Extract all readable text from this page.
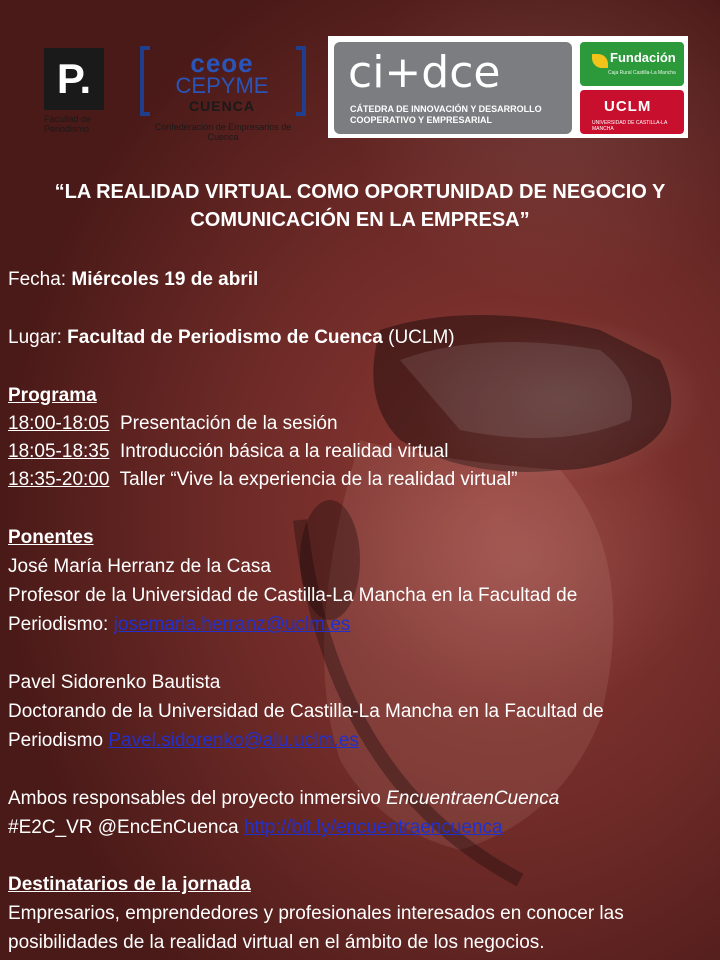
P.
Facultad de
Periodismo
ceoe
CEPYME
CUENCA
Confederación de Empresarios de Cuenca
ci+dce
CÁTEDRA DE INNOVACIÓN Y DESARROLLO
COOPERATIVO Y EMPRESARIAL
Fundación
Caja Rural Castilla-La Mancha
UCLM
UNIVERSIDAD DE CASTILLA-LA MANCHA
“LA REALIDAD VIRTUAL COMO OPORTUNIDAD DE NEGOCIO Y
COMUNICACIÓN EN LA EMPRESA”
Fecha: Miércoles 19 de abril
Lugar: Facultad de Periodismo de Cuenca (UCLM)
Programa
18:00-18:05  Presentación de la sesión
18:05-18:35  Introducción básica a la realidad virtual
18:35-20:00  Taller “Vive la experiencia de la realidad virtual”
Ponentes
José María Herranz de la Casa
Profesor de la Universidad de Castilla-La Mancha en la Facultad de
Periodismo: josemaria.herranz@uclm.es
Pavel Sidorenko Bautista
Doctorando de la Universidad de Castilla-La Mancha en la Facultad de
Periodismo Pavel.sidorenko@alu.uclm.es
Ambos responsables del proyecto inmersivo EncuentraenCuenca
#E2C_VR @EncEnCuenca http://bit.ly/encuentraencuenca
Destinatarios de la jornada
Empresarios, emprendedores y profesionales interesados en conocer las
posibilidades de la realidad virtual en el ámbito de los negocios.
